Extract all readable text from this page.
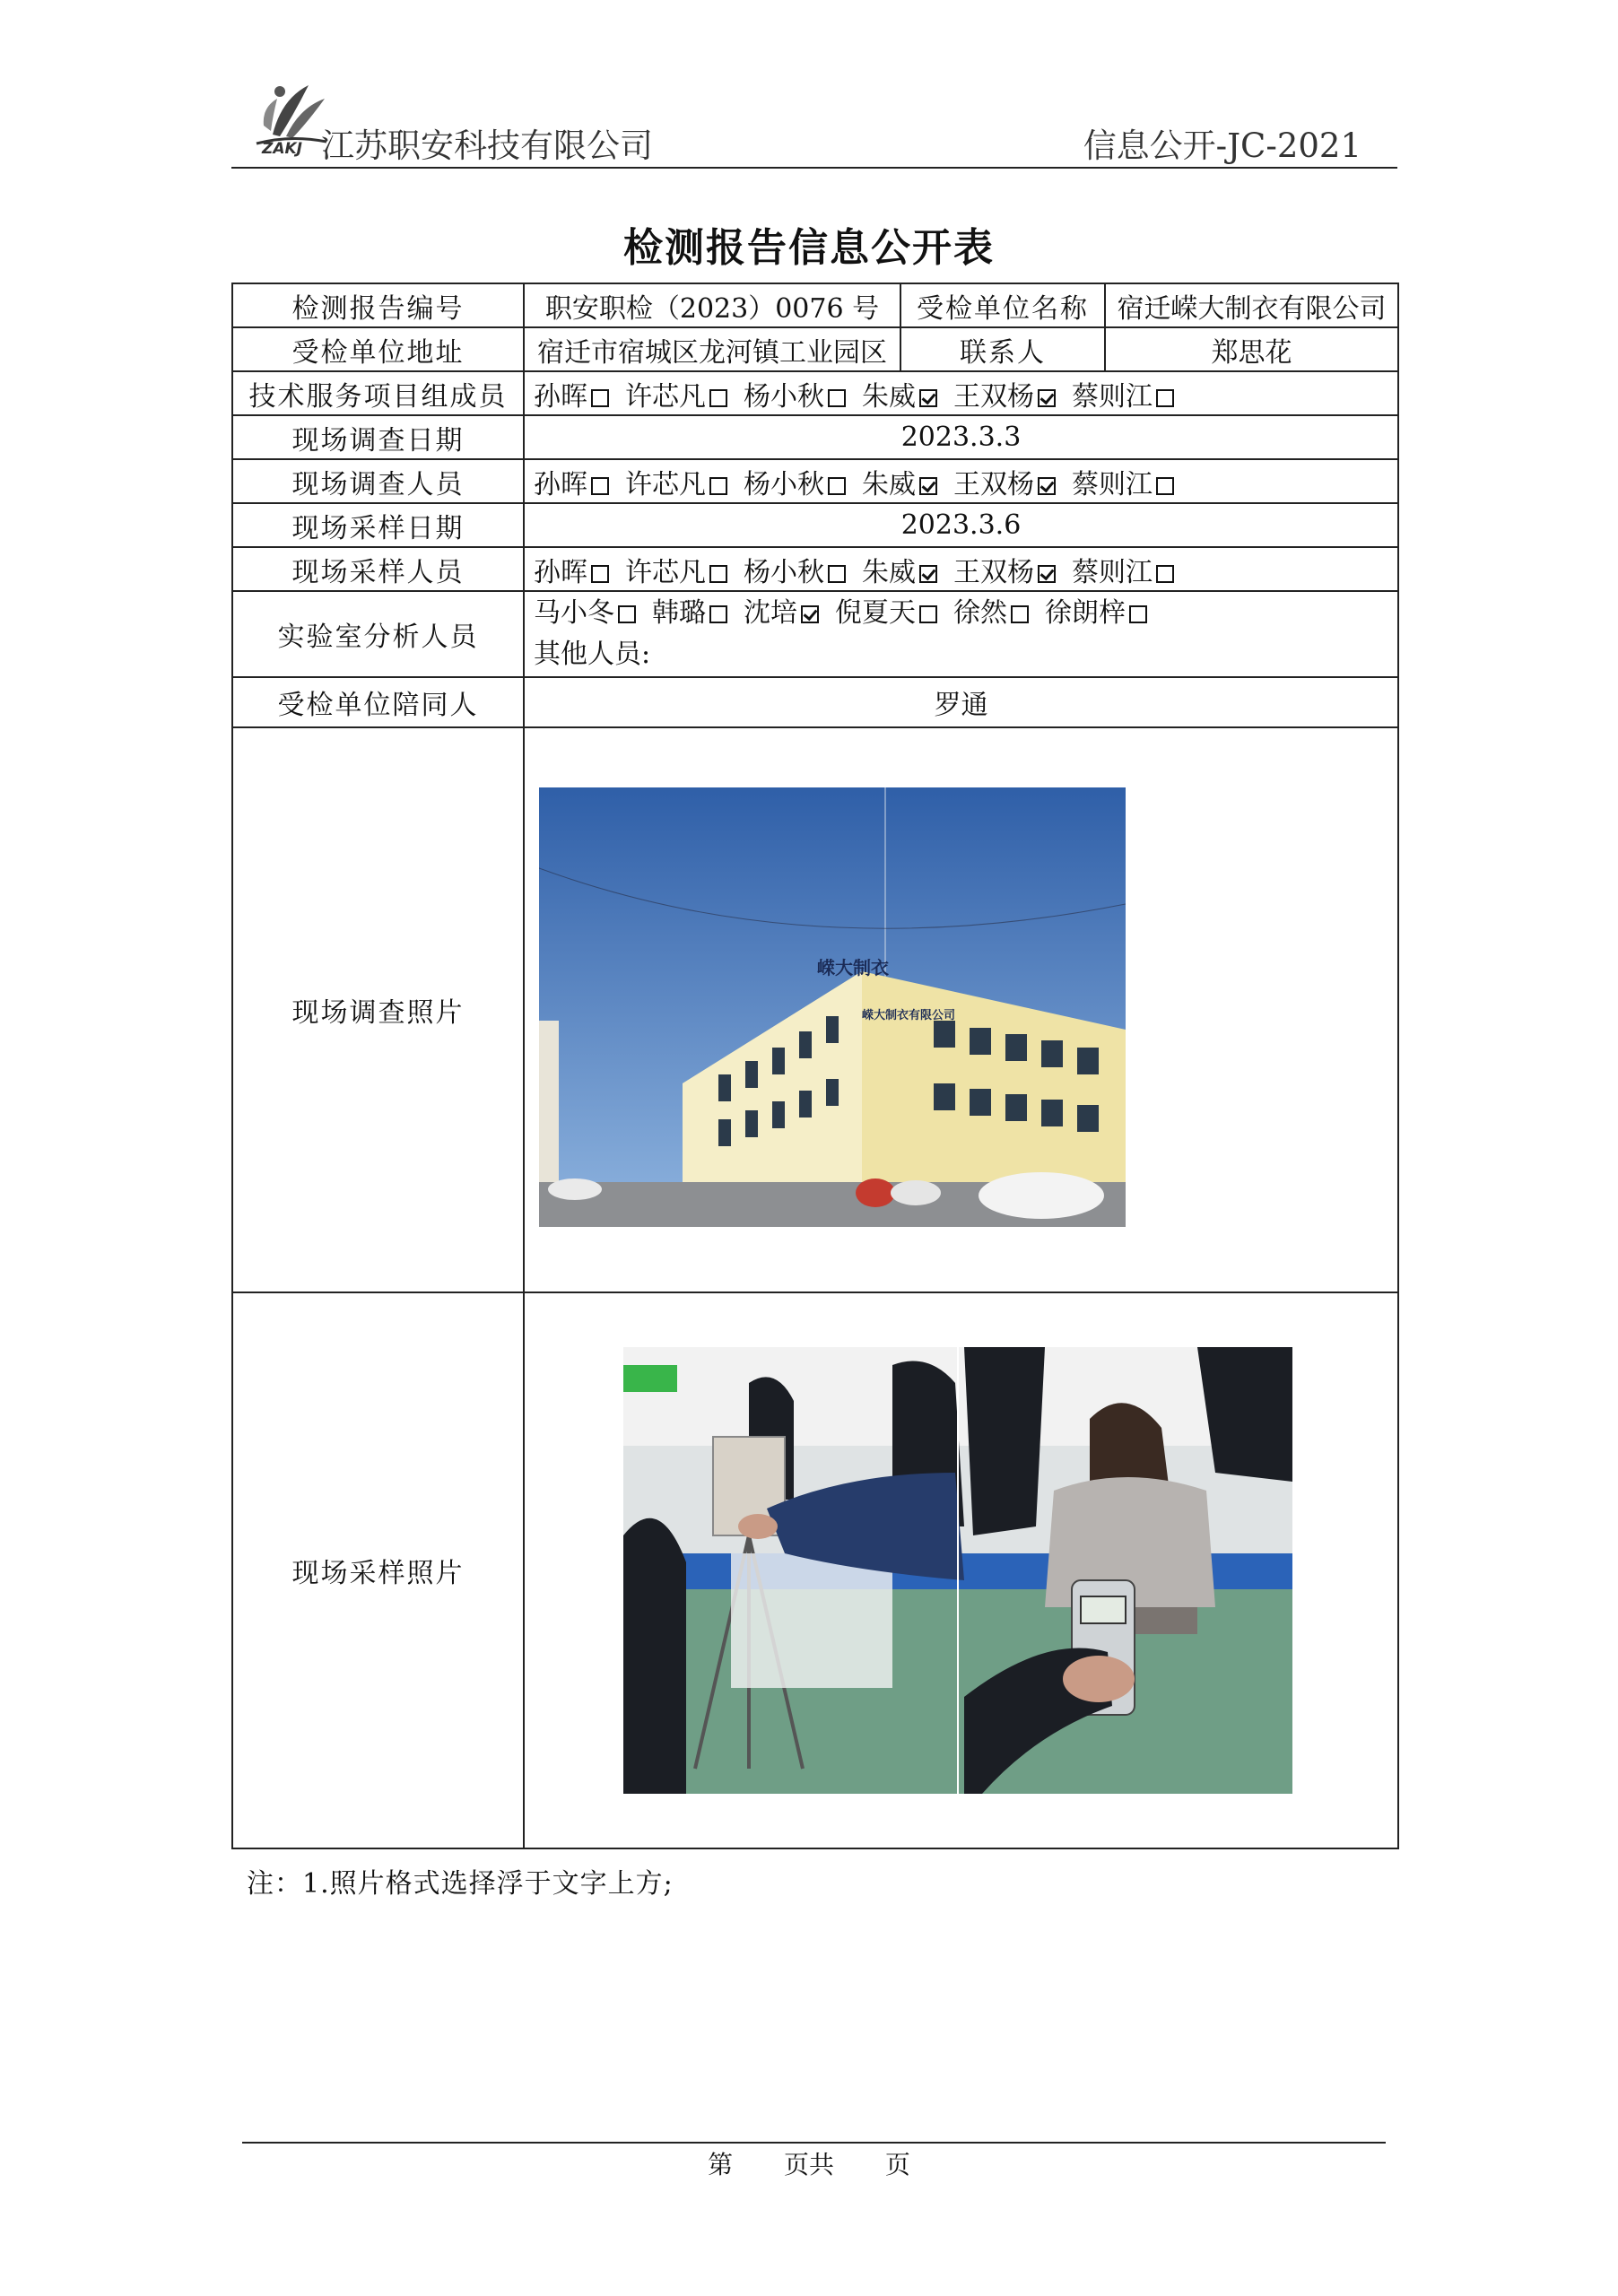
ZAKJ 江苏职安科技有限公司	信息公开-JC-2021
检测报告信息公开表
检测报告编号	职安职检（2023）0076 号	受检单位名称	宿迁嵘大制衣有限公司
受检单位地址	宿迁市宿城区龙河镇工业园区	联系人	郑思花
技术服务项目组成员	孙晖 许芯凡 杨小秋 朱威 王双杨 蔡则江		
现场调查日期	2023.3.3		
现场调查人员	孙晖 许芯凡 杨小秋 朱威 王双杨 蔡则江		
现场采样日期	2023.3.6		
现场采样人员	孙晖 许芯凡 杨小秋 朱威 王双杨 蔡则江		
实验室分析人员	马小冬 韩璐 沈培 倪夏天 徐然 徐朗梓
其他人员:		

受检单位陪同人	罗通		
现场调查照片	嵘大制衣
嵘大制衣有限公司		

现场采样照片	
注：1.照片格式选择浮于文字上方;
第 页共 页
